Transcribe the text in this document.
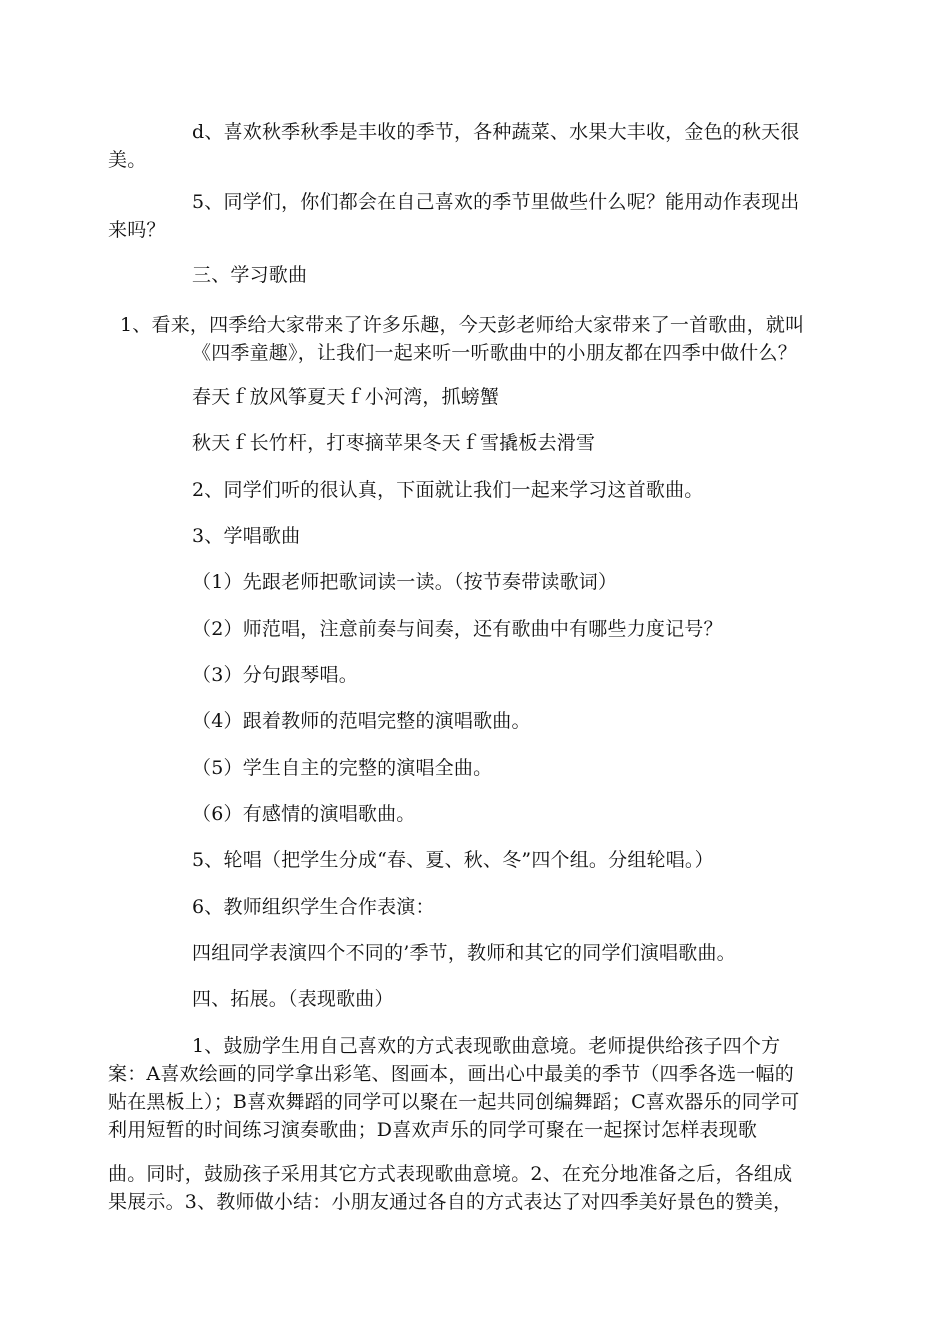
d、喜欢秋季秋季是丰收的季节，各种蔬菜、水果大丰收，金色的秋天很
美。
5、同学们，你们都会在自己喜欢的季节里做些什么呢？能用动作表现出
来吗？
三、学习歌曲
1、看来，四季给大家带来了许多乐趣，今天彭老师给大家带来了一首歌曲，就叫
《四季童趣》，让我们一起来听一听歌曲中的小朋友都在四季中做什么？
春天ｆ放风筝夏天ｆ小河湾，抓螃蟹
秋天ｆ长竹杆，打枣摘苹果冬天ｆ雪撬板去滑雪
2、同学们听的很认真，下面就让我们一起来学习这首歌曲。
3、学唱歌曲
（1）先跟老师把歌词读一读。（按节奏带读歌词）
（2）师范唱，注意前奏与间奏，还有歌曲中有哪些力度记号？
（3）分句跟琴唱。
（4）跟着教师的范唱完整的演唱歌曲。
（5）学生自主的完整的演唱全曲。
（6）有感情的演唱歌曲。
5、轮唱（把学生分成“春、夏、秋、冬”四个组。分组轮唱。）
6、教师组织学生合作表演：
四组同学表演四个不同的’季节，教师和其它的同学们演唱歌曲。
四、拓展。（表现歌曲）
1、鼓励学生用自己喜欢的方式表现歌曲意境。老师提供给孩子四个方
案：A喜欢绘画的同学拿出彩笔、图画本，画出心中最美的季节（四季各选一幅的
贴在黑板上）；B喜欢舞蹈的同学可以聚在一起共同创编舞蹈；C喜欢器乐的同学可
利用短暂的时间练习演奏歌曲；D喜欢声乐的同学可聚在一起探讨怎样表现歌
曲。同时，鼓励孩子采用其它方式表现歌曲意境。2、在充分地准备之后，各组成
果展示。3、教师做小结：小朋友通过各自的方式表达了对四季美好景色的赞美，
